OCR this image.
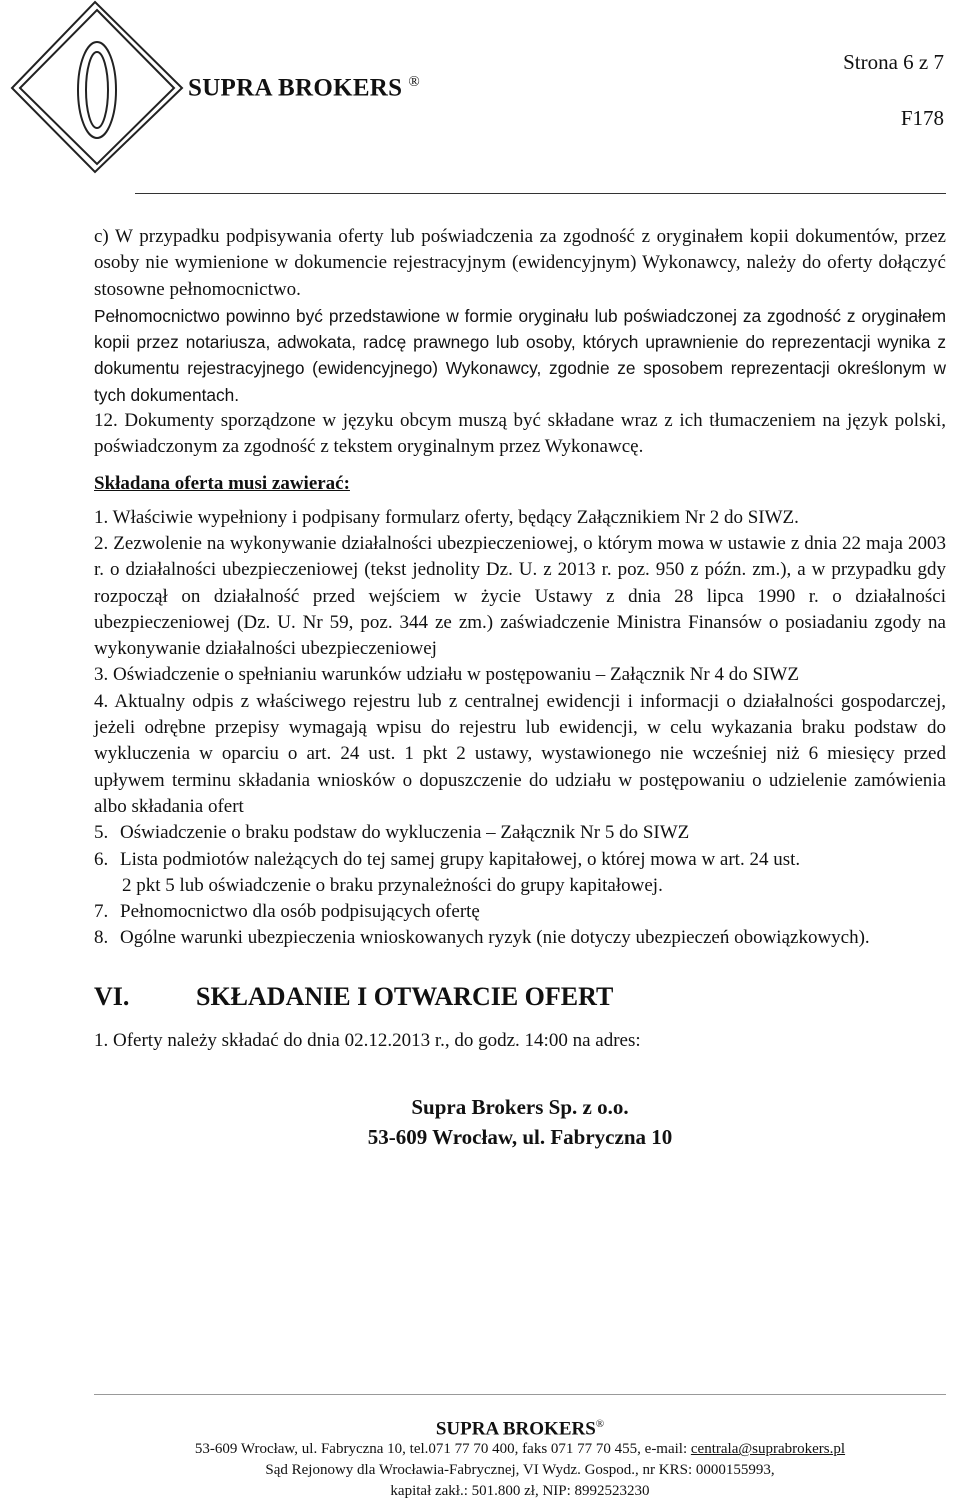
SUPRA BROKERS ®
Strona 6 z 7
F178

c) W przypadku podpisywania oferty lub poświadczenia za zgodność z oryginałem kopii dokumentów, przez osoby nie wymienione w dokumencie rejestracyjnym (ewidencyjnym) Wykonawcy, należy do oferty dołączyć stosowne pełnomocnictwo.

Pełnomocnictwo powinno być przedstawione w formie oryginału lub poświadczonej za zgodność z oryginałem kopii przez notariusza, adwokata, radcę prawnego lub osoby, których uprawnienie do reprezentacji wynika z dokumentu rejestracyjnego (ewidencyjnego) Wykonawcy, zgodnie ze sposobem reprezentacji określonym w tych dokumentach.

12. Dokumenty sporządzone w języku obcym muszą być składane wraz z ich tłumaczeniem na język polski, poświadczonym za zgodność z tekstem oryginalnym przez Wykonawcę.

Składana oferta musi zawierać:

1. Właściwie wypełniony i podpisany formularz oferty, będący Załącznikiem Nr 2 do SIWZ.

2. Zezwolenie na wykonywanie działalności ubezpieczeniowej, o którym mowa w ustawie z dnia 22 maja 2003 r. o działalności ubezpieczeniowej (tekst jednolity Dz. U. z 2013 r. poz. 950 z późn. zm.), a w przypadku gdy rozpoczął on działalność przed wejściem w życie Ustawy z dnia 28 lipca 1990 r. o działalności ubezpieczeniowej (Dz. U. Nr 59, poz. 344 ze zm.) zaświadczenie Ministra Finansów o posiadaniu zgody na wykonywanie działalności ubezpieczeniowej

3. Oświadczenie o spełnianiu warunków udziału w postępowaniu – Załącznik Nr 4 do SIWZ

4. Aktualny odpis z właściwego rejestru lub z centralnej ewidencji i informacji o działalności gospodarczej, jeżeli odrębne przepisy wymagają wpisu do rejestru lub ewidencji, w celu wykazania braku podstaw do wykluczenia w oparciu o art. 24 ust. 1 pkt 2 ustawy, wystawionego nie wcześniej niż 6 miesięcy przed upływem terminu składania wniosków o dopuszczenie do udziału w postępowaniu o udzielenie zamówienia albo składania ofert

5. Oświadczenie o braku podstaw do wykluczenia – Załącznik Nr 5 do SIWZ
6. Lista podmiotów należących do tej samej grupy kapitałowej, o której mowa w art. 24 ust.

2 pkt 5 lub oświadczenie o braku przynależności do grupy kapitałowej.

7. Pełnomocnictwo dla osób podpisujących ofertę
8. Ogólne warunki ubezpieczenia wnioskowanych ryzyk (nie dotyczy ubezpieczeń obowiązkowych).
VI.	SKŁADANIE I OTWARCIE OFERT

1. Oferty należy składać do dnia 02.12.2013 r., do godz. 14:00 na adres:

Supra Brokers Sp. z o.o.
53-609 Wrocław, ul. Fabryczna 10
SUPRA BROKERS®
53-609 Wrocław, ul. Fabryczna 10, tel.071 77 70 400, faks 071 77 70 455, e-mail: centrala@suprabrokers.pl
Sąd Rejonowy dla Wrocławia-Fabrycznej, VI Wydz. Gospod., nr KRS: 0000155993,
kapitał zakł.: 501.800 zł, NIP: 8992523230
